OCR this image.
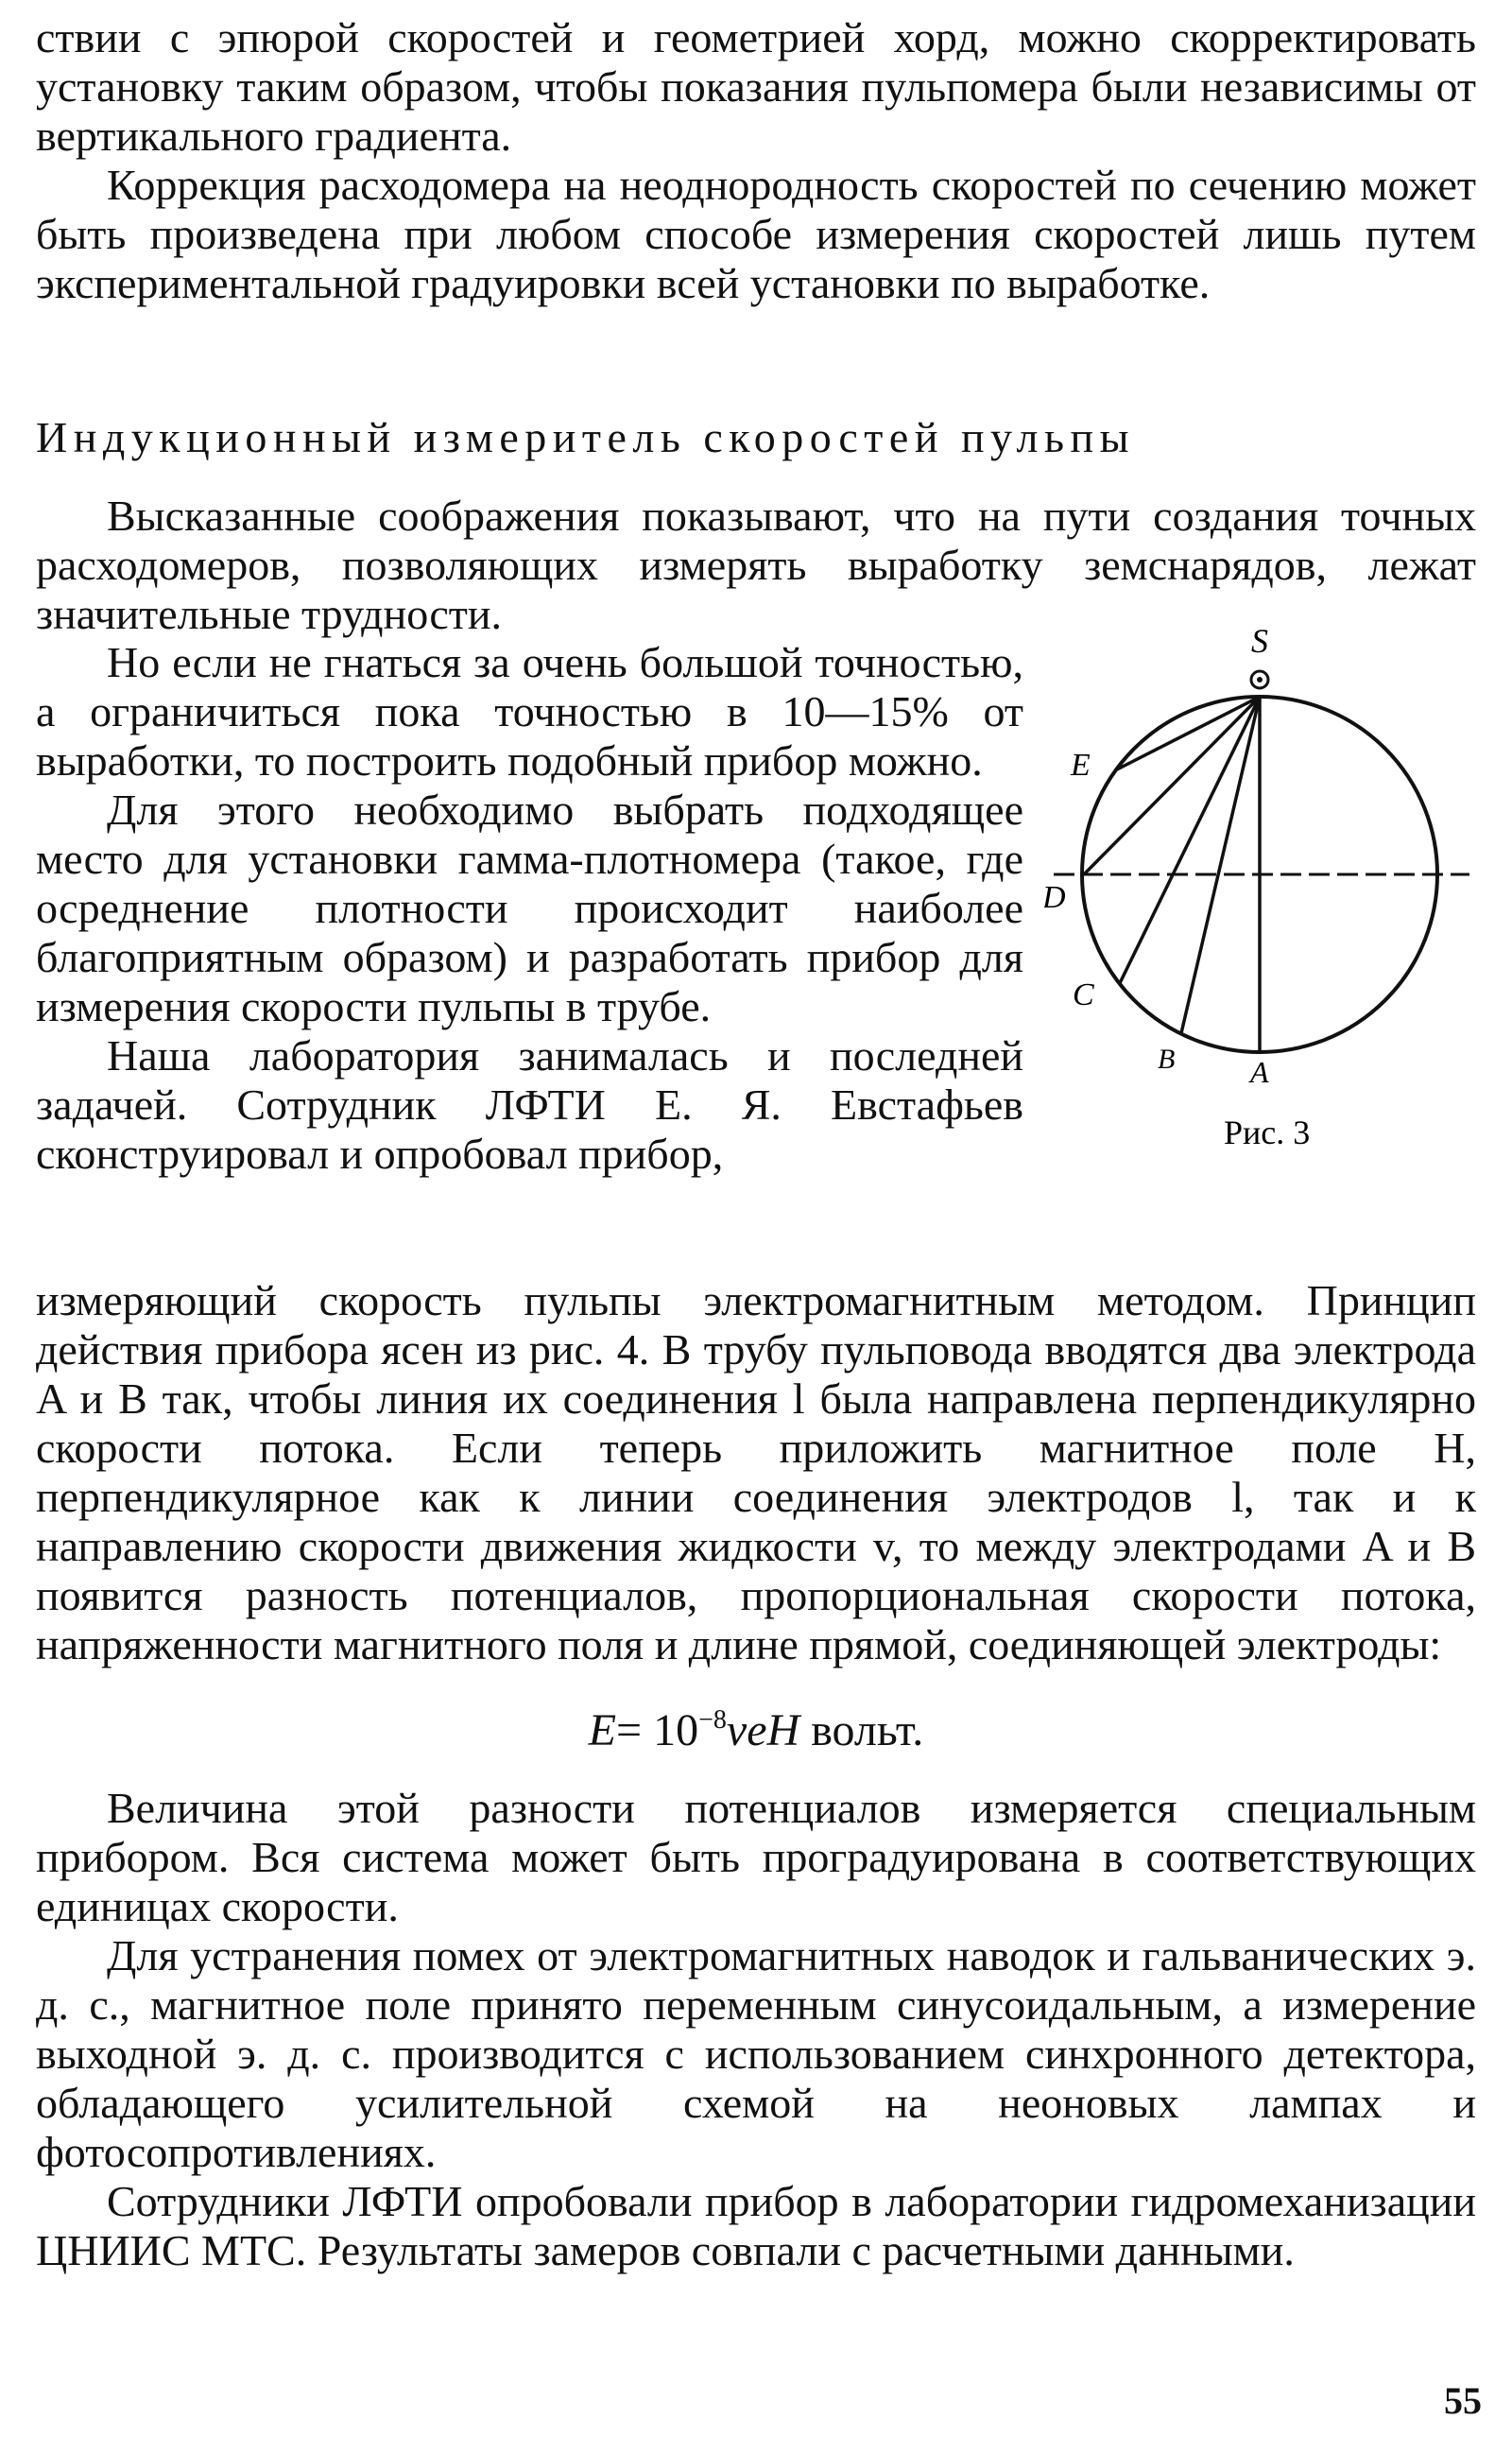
ствии с эпюрой скоростей и геометрией хорд, можно скорректировать установку таким образом, чтобы показания пульпомера были независимы от вертикального градиента.

Коррекция расходомера на неоднородность скоростей по сечению может быть произведена при любом способе измерения скоростей лишь путем экспериментальной градуировки всей установки по выработке.

Индукционный измеритель скоростей пульпы

Высказанные соображения показывают, что на пути создания точных расходомеров, позволяющих измерять выработку земснарядов, лежат значительные трудности.

Но если не гнаться за очень большой точностью, а ограничиться пока точностью в 10—15% от выработки, то построить подобный прибор можно.

Для этого необходимо выбрать подходящее место для установки гамма-плотномера (такое, где осреднение плотности происходит наиболее благоприятным образом) и разработать прибор для измерения скорости пульпы в трубе.

Наша лаборатория занималась и последней задачей. Сотрудник ЛФТИ Е. Я. Евстафьев сконструировал и опробовал прибор,

S
E
D
C
B A
Рис. 3

измеряющий скорость пульпы электромагнитным методом. Принцип действия прибора ясен из рис. 4. В трубу пульповода вводятся два электрода A и B так, чтобы линия их соединения l была направлена перпендикулярно скорости потока. Если теперь приложить магнитное поле H, перпендикулярное как к линии соединения электродов l, так и к направлению скорости движения жидкости v, то между электродами A и B появится разность потенциалов, пропорциональная скорости потока, напряженности магнитного поля и длине прямой, соединяющей электроды:

$E= 10^{-8}veH$ вольт.

Величина этой разности потенциалов измеряется специальным прибором. Вся система может быть проградуирована в соответствующих единицах скорости.

Для устранения помех от электромагнитных наводок и гальванических э. д. с., магнитное поле принято переменным синусоидальным, а измерение выходной э. д. с. производится с использованием синхронного детектора, обладающего усилительной схемой на неоновых лампах и фотосопротивлениях.

Сотрудники ЛФТИ опробовали прибор в лаборатории гидромеханизации ЦНИИС МТС. Результаты замеров совпали с расчетными данными.

55
